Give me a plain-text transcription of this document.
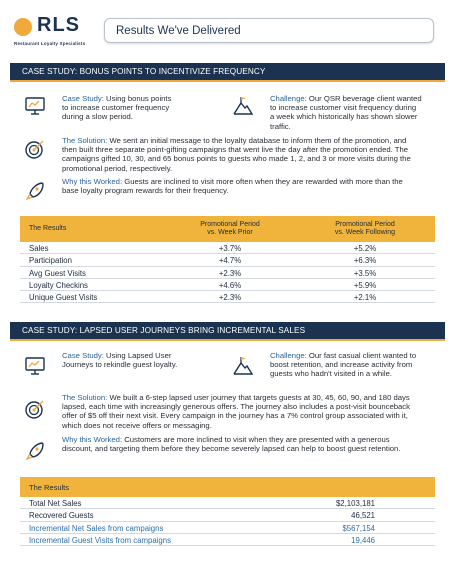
RLS
Restaurant Loyalty Specialists
Results We've Delivered
CASE STUDY: BONUS POINTS TO INCENTIVIZE FREQUENCY
Case Study: Using bonus points
to increase customer frequency
during a slow period.
Challenge: Our QSR beverage client wanted
to increase customer visit frequency during
a week which historically has shown slower
traffic.
The Solution: We sent an initial message to the loyalty database to inform them of the promotion, and
then built three separate point-gifting campaigns that went live the day after the promotion ended. The
campaigns gifted 10, 30, and 65 bonus points to guests who made 1, 2, and 3 or more visits during the
promotional period, respectively.
Why this Worked: Guests are inclined to visit more often when they are rewarded with more than the
base loyalty program rewards for their frequency.
The Results
Promotional Period
vs. Week Prior
Promotional Period
vs. Week Following
Sales	+3.7%	+5.2%
Participation	+4.7%	+6.3%
Avg Guest Visits	+2.3%	+3.5%
Loyalty Checkins	+4.6%	+5.9%
Unique Guest Visits	+2.3%	+2.1%
CASE STUDY: LAPSED USER JOURNEYS BRING INCREMENTAL SALES
Case Study: Using Lapsed User
Journeys to rekindle guest loyalty.
Challenge: Our fast casual client wanted to
boost retention, and increase activity from
guests who hadn't visited in a while.
The Solution: We built a 6-step lapsed user journey that targets guests at 30, 45, 60, 90, and 180 days
lapsed, each time with increasingly generous offers. The journey also includes a post-visit bounceback
offer of $5 off their next visit. Every campaign in the journey has a 7% control group associated with it,
which does not receive offers or messaging.
Why this Worked: Customers are more inclined to visit when they are presented with a generous
discount, and targeting them before they become severely lapsed can help to boost guest retention.
The Results
Total Net Sales	$2,103,181
Recovered Guests	46,521
Incremental Net Sales from campaigns	$567,154
Incremental Guest Visits from campaigns	19,446
